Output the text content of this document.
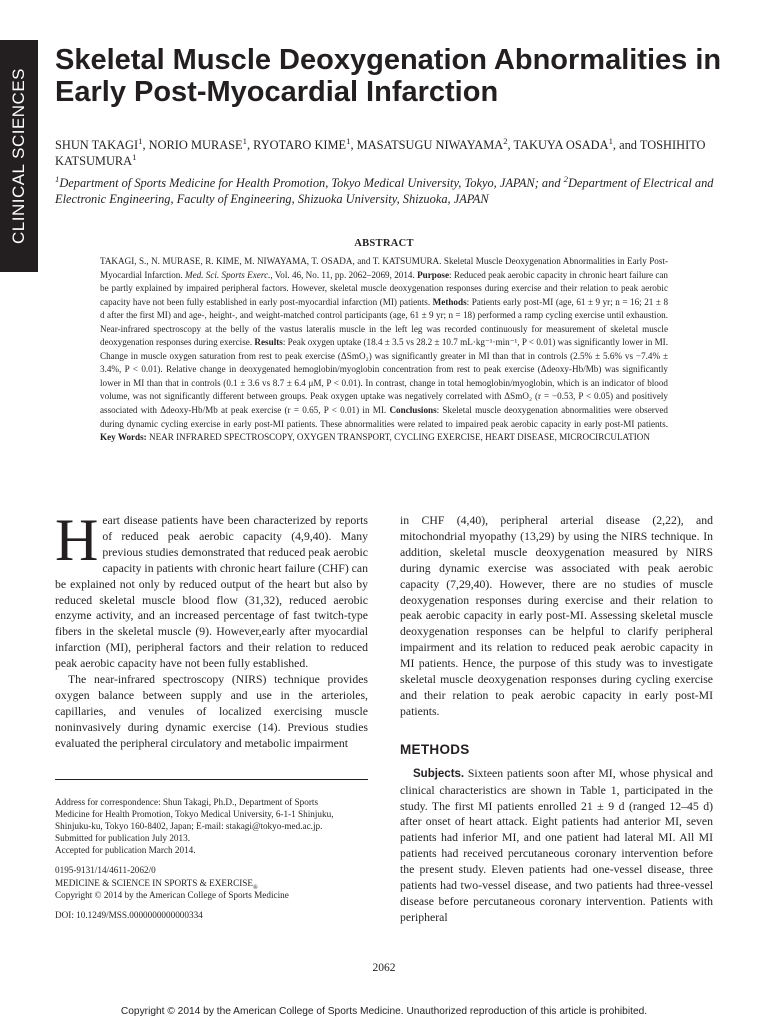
CLINICAL SCIENCES
Skeletal Muscle Deoxygenation Abnormalities in Early Post-Myocardial Infarction
SHUN TAKAGI$^1$, NORIO MURASE$^1$, RYOTARO KIME$^1$, MASATSUGU NIWAYAMA$^2$, TAKUYA OSADA$^1$, and TOSHIHITO KATSUMURA$^1$
$^1$Department of Sports Medicine for Health Promotion, Tokyo Medical University, Tokyo, JAPAN; and $^2$Department of Electrical and Electronic Engineering, Faculty of Engineering, Shizuoka University, Shizuoka, JAPAN
ABSTRACT
TAKAGI, S., N. MURASE, R. KIME, M. NIWAYAMA, T. OSADA, and T. KATSUMURA. Skeletal Muscle Deoxygenation Abnormalities in Early Post-Myocardial Infarction. Med. Sci. Sports Exerc., Vol. 46, No. 11, pp. 2062–2069, 2014. Purpose: Reduced peak aerobic capacity in chronic heart failure can be partly explained by impaired peripheral factors. However, skeletal muscle deoxygenation responses during exercise and their relation to peak aerobic capacity have not been fully established in early post-myocardial infarction (MI) patients. Methods: Patients early post-MI (age, 61 ± 9 yr; n = 16; 21 ± 8 d after the first MI) and age-, height-, and weight-matched control participants (age, 61 ± 9 yr; n = 18) performed a ramp cycling exercise until exhaustion. Near-infrared spectroscopy at the belly of the vastus lateralis muscle in the left leg was recorded continuously for measurement of skeletal muscle deoxygenation responses during exercise. Results: Peak oxygen uptake (18.4 ± 3.5 vs 28.2 ± 10.7 mL·kg⁻¹·min⁻¹, P < 0.01) was significantly lower in MI. Change in muscle oxygen saturation from rest to peak exercise (ΔSmO₂) was significantly greater in MI than that in controls (2.5% ± 5.6% vs −7.4% ± 3.4%, P < 0.01). Relative change in deoxygenated hemoglobin/myoglobin concentration from rest to peak exercise (Δdeoxy-Hb/Mb) was significantly lower in MI than that in controls (0.1 ± 3.6 vs 8.7 ± 6.4 μM, P < 0.01). In contrast, change in total hemoglobin/myoglobin, which is an indicator of blood volume, was not significantly different between groups. Peak oxygen uptake was negatively correlated with ΔSmO₂ (r = −0.53, P < 0.05) and positively associated with Δdeoxy-Hb/Mb at peak exercise (r = 0.65, P < 0.01) in MI. Conclusions: Skeletal muscle deoxygenation abnormalities were observed during dynamic cycling exercise in early post-MI patients. These abnormalities were related to impaired peak aerobic capacity in early post-MI patients. Key Words: NEAR INFRARED SPECTROSCOPY, OXYGEN TRANSPORT, CYCLING EXERCISE, HEART DISEASE, MICROCIRCULATION

Heart disease patients have been characterized by reports of reduced peak aerobic capacity (4,9,40). Many previous studies demonstrated that reduced peak aerobic capacity in patients with chronic heart failure (CHF) can be explained not only by reduced output of the heart but also by reduced skeletal muscle blood flow (31,32), reduced aerobic enzyme activity, and an increased percentage of fast twitch-type fibers in the skeletal muscle (9). However,early after myocardial infarction (MI), peripheral factors and their relation to reduced peak aerobic capacity have not been fully established.

The near-infrared spectroscopy (NIRS) technique provides oxygen balance between supply and use in the arterioles, capillaries, and venules of localized exercising muscle noninvasively during dynamic exercise (14). Previous studies evaluated the peripheral circulatory and metabolic impairment

in CHF (4,40), peripheral arterial disease (2,22), and mitochondrial myopathy (13,29) by using the NIRS technique. In addition, skeletal muscle deoxygenation measured by NIRS during dynamic exercise was associated with peak aerobic capacity (7,29,40). However, there are no studies of muscle deoxygenation responses during exercise and their relation to peak aerobic capacity in early post-MI. Assessing skeletal muscle deoxygenation responses can be helpful to clarify peripheral impairment and its relation to reduced peak aerobic capacity in MI patients. Hence, the purpose of this study was to investigate skeletal muscle deoxygenation responses during cycling exercise and their relation to peak aerobic capacity in early post-MI patients.

METHODS

Subjects. Sixteen patients soon after MI, whose physical and clinical characteristics are shown in Table 1, participated in the study. The first MI patients enrolled 21 ± 9 d (ranged 12–45 d) after onset of heart attack. Eight patients had anterior MI, seven patients had inferior MI, and one patient had lateral MI. All MI patients had received percutaneous coronary intervention before the present study. Eleven patients had one-vessel disease, three patients had two-vessel disease, and two patients had three-vessel disease before percutaneous coronary intervention. Patients with peripheral

Address for correspondence: Shun Takagi, Ph.D., Department of Sports
Medicine for Health Promotion, Tokyo Medical University, 6-1-1 Shinjuku,
Shinjuku-ku, Tokyo 160-8402, Japan; E-mail: stakagi@tokyo-med.ac.jp.
Submitted for publication July 2013.
Accepted for publication March 2014.
0195-9131/14/4611-2062/0
MEDICINE & SCIENCE IN SPORTS & $EXERCISE_®$
Copyright © 2014 by the American College of Sports Medicine
DOI: 10.1249/MSS.0000000000000334
2062
Copyright © 2014 by the American College of Sports Medicine. Unauthorized reproduction of this article is prohibited.
